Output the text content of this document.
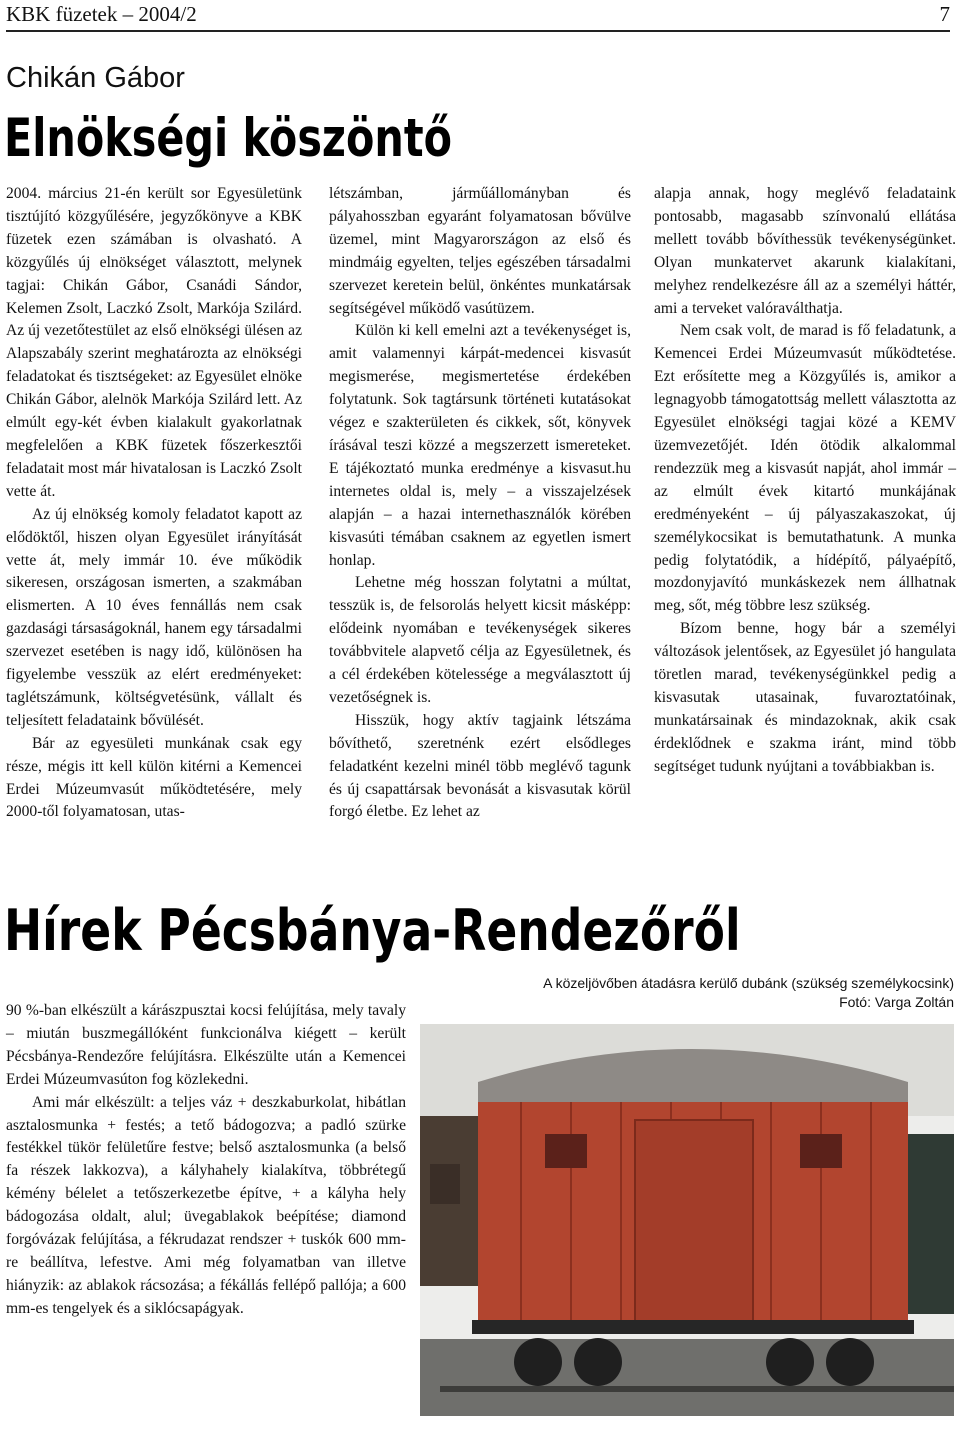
KBK füzetek – 2004/2	7
Chikán Gábor
Elnökségi köszöntő

2004. március 21-én került sor Egyesületünk tisztújító közgyűlésére, jegyzőkönyve a KBK füzetek ezen számában is olvasható. A közgyűlés új elnökséget választott, melynek tagjai: Chikán Gábor, Csanádi Sándor, Kelemen Zsolt, Laczkó Zsolt, Markója Szilárd. Az új vezetőtestület az első elnökségi ülésen az Alapszabály szerint meghatározta az elnökségi feladatokat és tisztségeket: az Egyesület elnöke Chikán Gábor, alelnök Markója Szilárd lett. Az elmúlt egy-két évben kialakult gyakorlatnak megfelelően a KBK füzetek főszerkesztői feladatait most már hivatalosan is Laczkó Zsolt vette át.

Az új elnökség komoly feladatot kapott az elődöktől, hiszen olyan Egyesület irányítását vette át, mely immár 10. éve működik sikeresen, országosan ismerten, a szakmában elismerten. A 10 éves fennállás nem csak gazdasági társaságoknál, hanem egy társadalmi szervezet esetében is nagy idő, különösen ha figyelembe vesszük az elért eredményeket: taglétszámunk, költségvetésünk, vállalt és teljesített feladataink bővülését.

Bár az egyesületi munkának csak egy része, mégis itt kell külön kitérni a Kemencei Erdei Múzeumvasút működtetésére, mely 2000-től folyamatosan, utas-

létszámban, járműállományban és pályahosszban egyaránt folyamatosan bővülve üzemel, mint Magyarországon az első és mindmáig egyelten, teljes egészében társadalmi szervezet keretein belül, önkéntes munkatársak segítségével működő vasútüzem.

Külön ki kell emelni azt a tevékenységet is, amit valamennyi kárpát-medencei kisvasút megismerése, megismertetése érdekében folytatunk. Sok tagtársunk történeti kutatásokat végez e szakterületen és cikkek, sőt, könyvek írásával teszi közzé a megszerzett ismereteket. E tájékoztató munka eredménye a kisvasut.hu internetes oldal is, mely – a visszajelzések alapján – a hazai internethasználók körében kisvasúti témában csaknem az egyetlen ismert honlap.

Lehetne még hosszan folytatni a múltat, tesszük is, de felsorolás helyett kicsit másképp: elődeink nyomában e tevékenységek sikeres továbbvitele alapvető célja az Egyesületnek, és a cél érdekében kötelessége a megválasztott új vezetőségnek is.

Hisszük, hogy aktív tagjaink létszáma bővíthető, szeretnénk ezért elsődleges feladatként kezelni minél több meglévő tagunk és új csapattársak bevonását a kisvasutak körül forgó életbe. Ez lehet az

alapja annak, hogy meglévő feladataink pontosabb, magasabb színvonalú ellátása mellett tovább bővíthessük tevékenységünket. Olyan munkatervet akarunk kialakítani, melyhez rendelkezésre áll az a személyi háttér, ami a terveket valóraválthatja.

Nem csak volt, de marad is fő feladatunk, a Kemencei Erdei Múzeumvasút működtetése. Ezt erősítette meg a Közgyűlés is, amikor a legnagyobb támogatottság mellett választotta az Egyesület elnökségi tagjai közé a KEMV üzemvezetőjét. Idén ötödik alkalommal rendezzük meg a kisvasút napját, ahol immár – az elmúlt évek kitartó munkájának eredményeként – új pályaszakaszokat, új személykocsikat is bemutathatunk. A munka pedig folytatódik, a hídépítő, pályaépítő, mozdonyjavító munkáskezek nem állhatnak meg, sőt, még többre lesz szükség.

Bízom benne, hogy bár a személyi változások jelentősek, az Egyesület jó hangulata töretlen marad, tevékenységünkkel pedig a kisvasutak utasainak, fuvaroztatóinak, munkatársainak és mindazoknak, akik csak érdeklődnek e szakma iránt, mind több segítséget tudunk nyújtani a továbbiakban is.

Hírek Pécsbánya-Rendezőről

90 %-ban elkészült a kárászpusztai kocsi felújítása, mely tavaly – miután buszmegállóként funkcionálva kiégett – került Pécsbánya-Rendezőre felújításra. Elkészülte után a Kemencei Erdei Múzeumvasúton fog közlekedni.

Ami már elkészült: a teljes váz + deszkaburkolat, hibátlan asztalosmunka + festés; a tető bádogozva; a padló szürke festékkel tükör felületűre festve; belső asztalosmunka (a belső fa részek lakkozva), a kályhahely kialakítva, többrétegű kémény bélelet a tetőszerkezetbe építve, + a kályha hely bádogozása oldalt, alul; üvegablakok beépítése; diamond forgóvázak felújítása, a fékrudazat rendszer + tuskók 600 mm-re beállítva, lefestve. Ami még folyamatban van illetve hiányzik: az ablakok rácsozása; a fékállás fellépő pallója; a 600 mm-es tengelyek és a siklócsapágyak.

A közeljövőben átadásra kerülő dubánk (szükség személykocsink)
Fotó: Varga Zoltán
